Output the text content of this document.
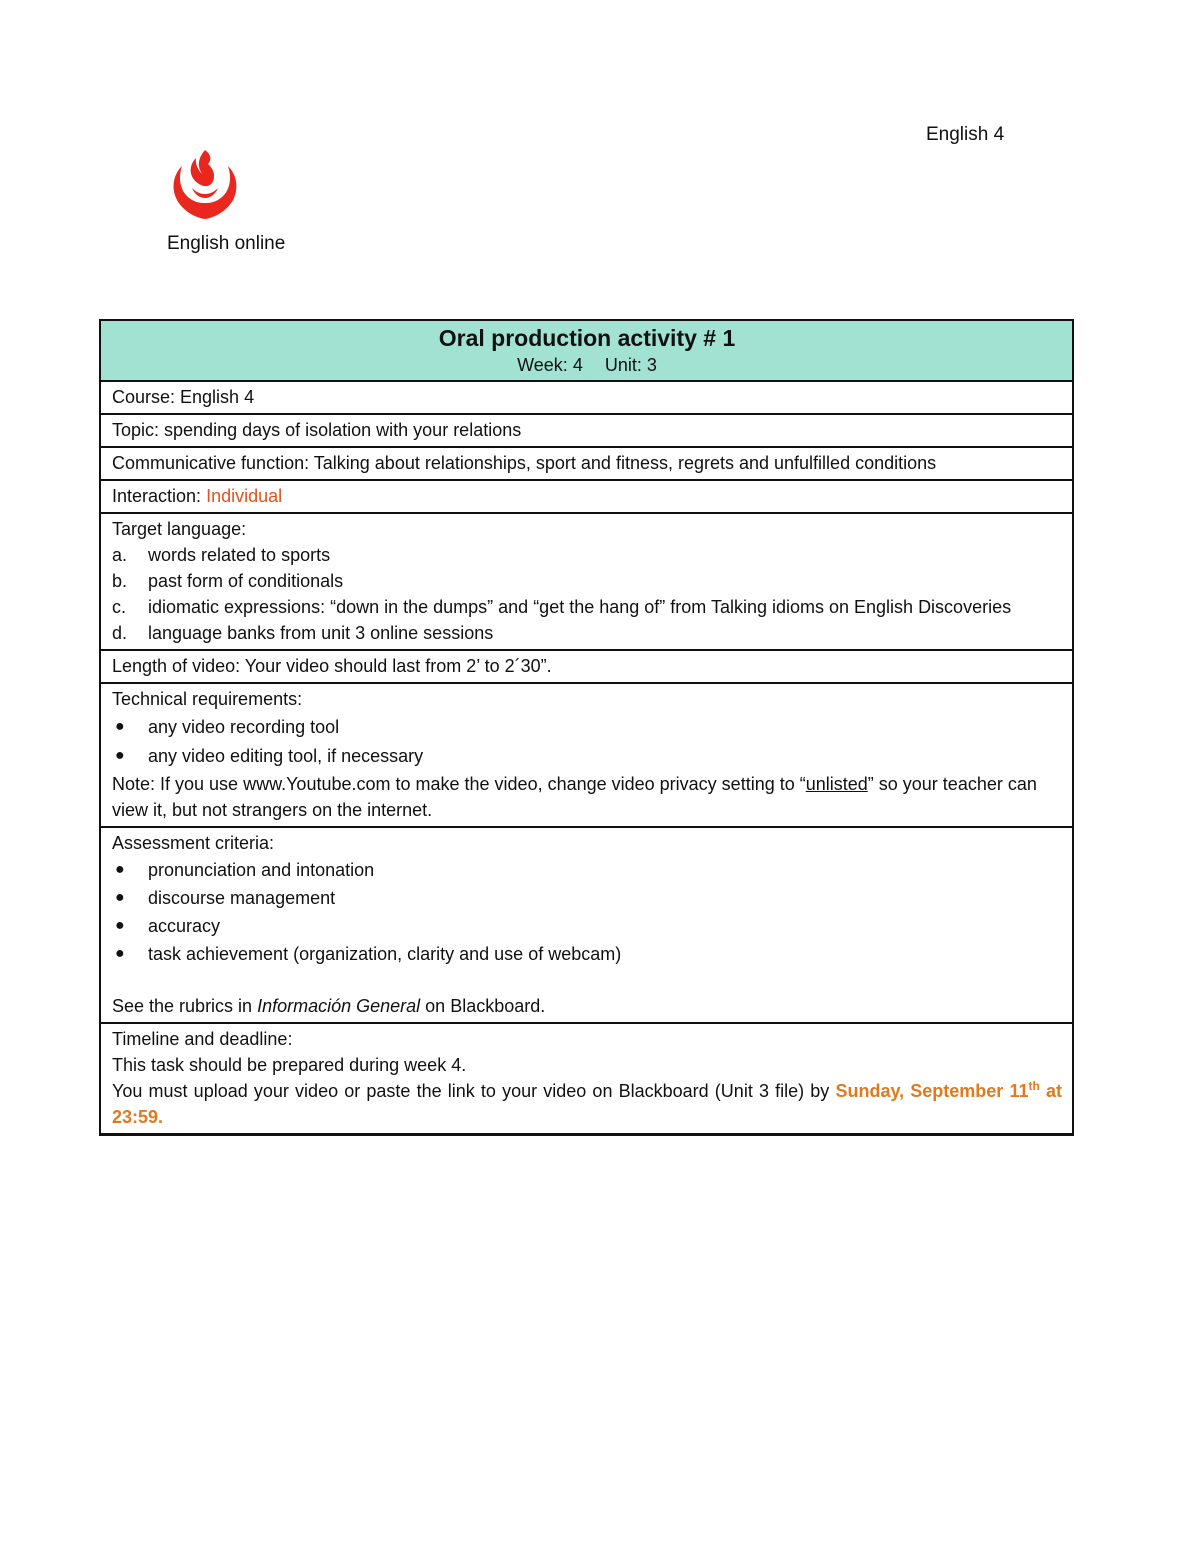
English 4
English online
Oral production activity # 1
Week: 4 Unit: 3

Course: English 4
Topic: spending days of isolation with your relations
Communicative function: Talking about relationships, sport and fitness, regrets and unfulfilled conditions
Interaction: Individual

Target language:
a. words related to sports
b. past form of conditionals
c. idiomatic expressions: “down in the dumps” and “get the hang of” from Talking idioms on English Discoveries
d. language banks from unit 3 online sessions

Length of video: Your video should last from 2’ to 2´30”.

Technical requirements:
● any video recording tool
● any video editing tool, if necessary
Note: If you use www.Youtube.com to make the video, change video privacy setting to “unlisted” so your teacher can view it, but not strangers on the internet.

Assessment criteria:
● pronunciation and intonation
● discourse management
● accuracy
● task achievement (organization, clarity and use of webcam)
See the rubrics in Información General on Blackboard.

Timeline and deadline:
This task should be prepared during week 4.
You must upload your video or paste the link to your video on Blackboard (Unit 3 file) by Sunday, September 11th at 23:59.
